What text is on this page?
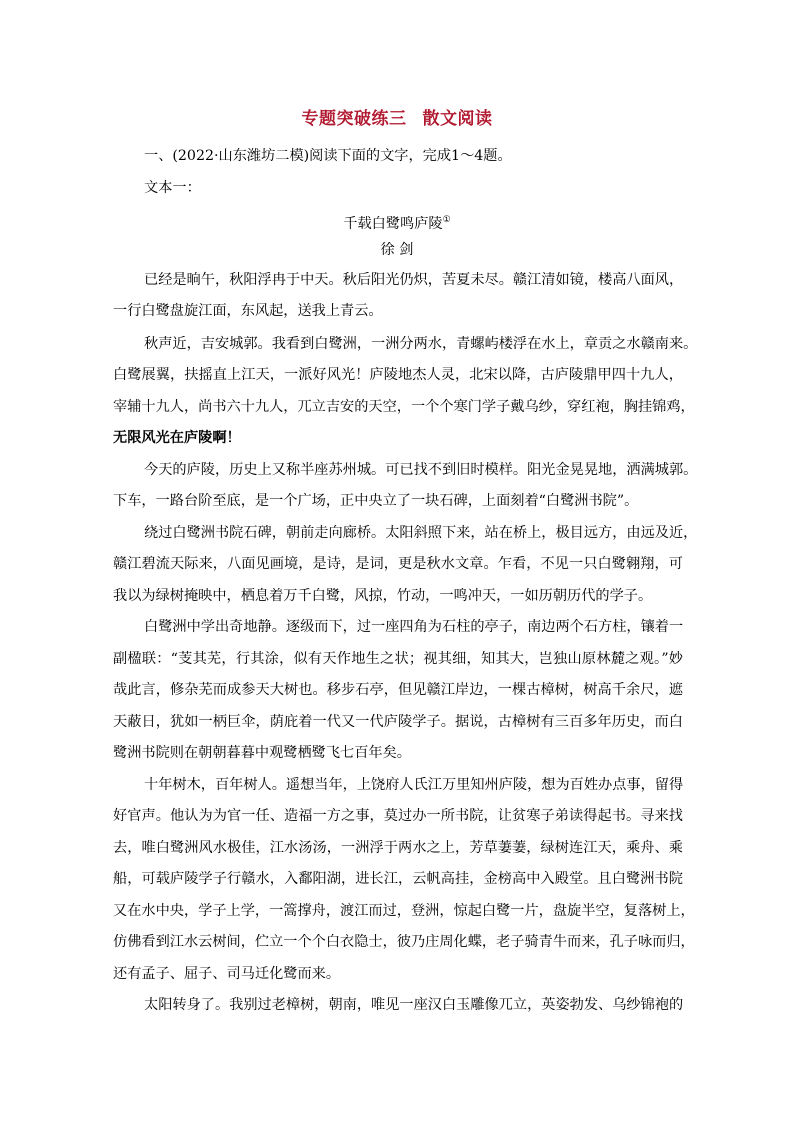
专题突破练三 散文阅读
一、(2022·山东潍坊二模)阅读下面的文字，完成1～4题。
文本一：
千载白鹭鸣庐陵①
徐 剑
已经是晌午，秋阳浮冉于中天。秋后阳光仍炽，苦夏未尽。赣江清如镜，楼高八面风，
一行白鹭盘旋江面，东风起，送我上青云。
秋声近，吉安城郭。我看到白鹭洲，一洲分两水，青螺屿楼浮在水上，章贡之水赣南来。
白鹭展翼，扶摇直上江天，一派好风光！庐陵地杰人灵，北宋以降，古庐陵鼎甲四十九人，
宰辅十九人，尚书六十九人，兀立吉安的天空，一个个寒门学子戴乌纱，穿红袍，胸挂锦鸡，
无限风光在庐陵啊！
今天的庐陵，历史上又称半座苏州城。可已找不到旧时模样。阳光金晃晃地，洒满城郭。
下车，一路台阶至底，是一个广场，正中央立了一块石碑，上面刻着“白鹭洲书院”。
绕过白鹭洲书院石碑，朝前走向廊桥。太阳斜照下来，站在桥上，极目远方，由远及近，
赣江碧流天际来，八面见画境，是诗，是词，更是秋水文章。乍看，不见一只白鹭翱翔，可
我以为绿树掩映中，栖息着万千白鹭，风掠，竹动，一鸣冲天，一如历朝历代的学子。
白鹭洲中学出奇地静。逐级而下，过一座四角为石柱的亭子，南边两个石方柱，镶着一
副楹联：“芰其芜，行其涂，似有天作地生之状；视其细，知其大，岂独山原林麓之观。”妙
哉此言，修杂芜而成参天大树也。移步石亭，但见赣江岸边，一棵古樟树，树高千余尺，遮
天蔽日，犹如一柄巨伞，荫庇着一代又一代庐陵学子。据说，古樟树有三百多年历史，而白
鹭洲书院则在朝朝暮暮中观鹭栖鹭飞七百年矣。
十年树木，百年树人。遥想当年，上饶府人氏江万里知州庐陵，想为百姓办点事，留得
好官声。他认为为官一任、造福一方之事，莫过办一所书院，让贫寒子弟读得起书。寻来找
去，唯白鹭洲风水极佳，江水汤汤，一洲浮于两水之上，芳草萋萋，绿树连江天，乘舟、乘
船，可载庐陵学子行赣水，入鄱阳湖，进长江，云帆高挂，金榜高中入殿堂。且白鹭洲书院
又在水中央，学子上学，一篙撑舟，渡江而过，登洲，惊起白鹭一片，盘旋半空，复落树上，
仿佛看到江水云树间，伫立一个个白衣隐士，彼乃庄周化蝶，老子骑青牛而来，孔子咏而归，
还有孟子、屈子、司马迁化鹭而来。
太阳转身了。我别过老樟树，朝南，唯见一座汉白玉雕像兀立，英姿勃发、乌纱锦袍的
